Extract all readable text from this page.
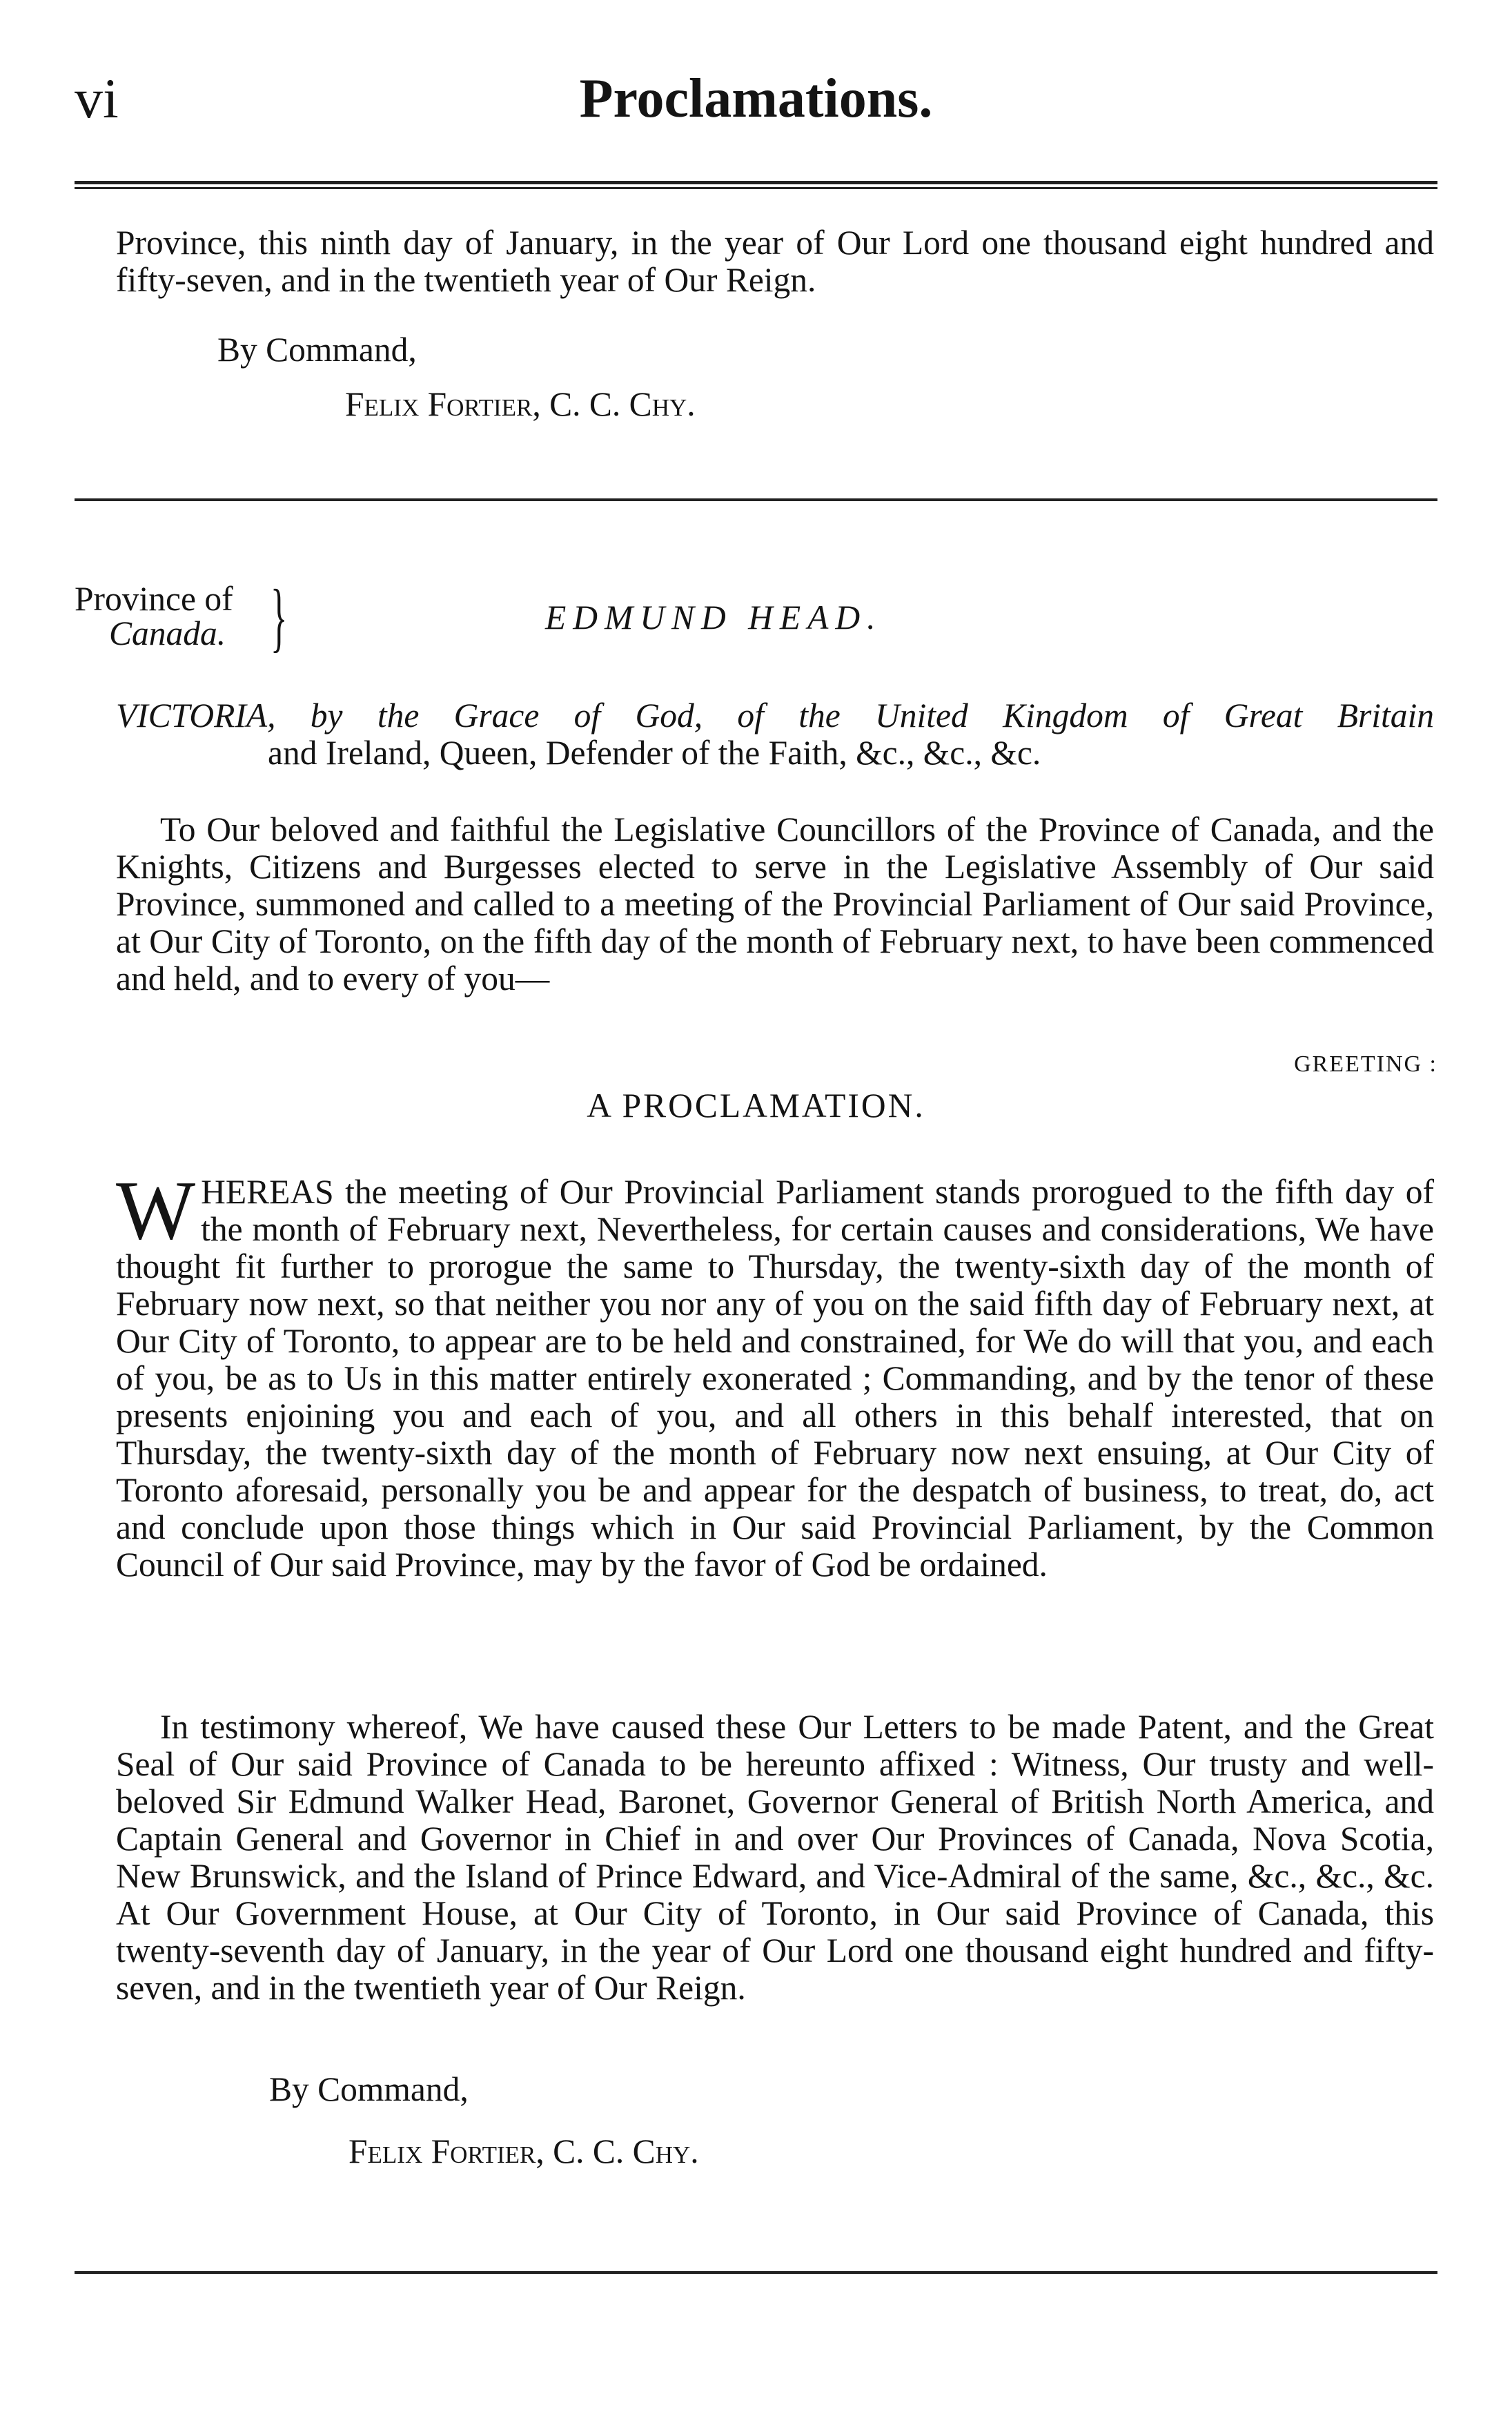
vi	Proclamations.

Province, this ninth day of January, in the year of Our Lord one thousand eight hundred and fifty-seven, and in the twentieth year of Our Reign.

By Command,
Felix Fortier, C. C. Chy.
Province of
Canada. }	EDMUND HEAD.
VICTORIA, by the Grace of God, of the United Kingdom of Great Britain
and Ireland, Queen, Defender of the Faith, &c., &c., &c.

To Our beloved and faithful the Legislative Councillors of the Province of Canada, and the Knights, Citizens and Burgesses elected to serve in the Legislative Assembly of Our said Province, summoned and called to a meeting of the Provincial Parliament of Our said Province, at Our City of Toronto, on the fifth day of the month of February next, to have been commenced and held, and to every of you—

GREETING :
A PROCLAMATION.

WHEREAS the meeting of Our Provincial Parliament stands prorogued to the fifth day of the month of February next, Nevertheless, for certain causes and considerations, We have thought fit further to prorogue the same to Thursday, the twenty-sixth day of the month of February now next, so that neither you nor any of you on the said fifth day of February next, at Our City of Toronto, to appear are to be held and constrained, for We do will that you, and each of you, be as to Us in this matter entirely exonerated ; Commanding, and by the tenor of these presents enjoining you and each of you, and all others in this behalf interested, that on Thursday, the twenty-sixth day of the month of February now next ensuing, at Our City of Toronto aforesaid, personally you be and appear for the despatch of business, to treat, do, act and conclude upon those things which in Our said Provincial Parliament, by the Common Council of Our said Province, may by the favor of God be ordained.

In testimony whereof, We have caused these Our Letters to be made Patent, and the Great Seal of Our said Province of Canada to be hereunto affixed : Witness, Our trusty and well-beloved Sir Edmund Walker Head, Baronet, Governor General of British North America, and Captain General and Governor in Chief in and over Our Provinces of Canada, Nova Scotia, New Brunswick, and the Island of Prince Edward, and Vice-Admiral of the same, &c., &c., &c. At Our Government House, at Our City of Toronto, in Our said Province of Canada, this twenty-seventh day of January, in the year of Our Lord one thousand eight hundred and fifty-seven, and in the twentieth year of Our Reign.

By Command,
Felix Fortier, C. C. Chy.
